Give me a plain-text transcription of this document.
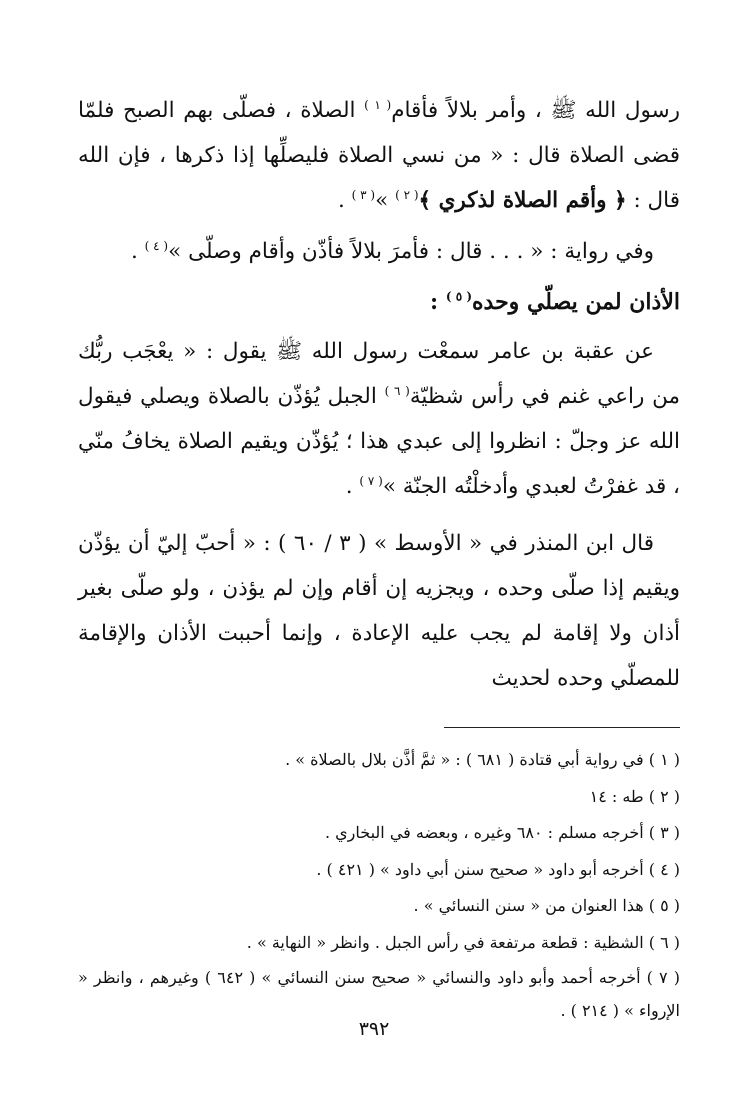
رسول الله ﷺ ، وأمر بلالاً فأقام$^{( ١ )}$ الصلاة ، فصلّى بهم الصبح فلمّا قضى الصلاة قال : « من نسي الصلاة فليصلِّها إذا ذكرها ، فإن الله قال : ﴿ وأقم الصلاة لذكري ﴾$^{( ٢ )}$ »$^{( ٣ )}$ .

وفي رواية : « . . . قال : فأمرَ بلالاً فأذّن وأقام وصلّى »$^{( ٤ )}$ .

الأذان لمن يصلّي وحده$^{( ٥ )}$ :

عن عقبة بن عامر سمعْت رسول الله ﷺ يقول : « يعْجَب ربُّك من راعي غنم في رأس شظيّة$^{( ٦ )}$ الجبل يُؤذّن بالصلاة ويصلي فيقول الله عز وجلّ : انظروا إلى عبدي هذا ؛ يُؤذّن ويقيم الصلاة يخافُ منّي ، قد غفرْتُ لعبدي وأدخلْتُه الجنّة »$^{( ٧ )}$ .

قال ابن المنذر في « الأوسط » ( ٣ / ٦٠ ) : « أحبّ إليّ أن يؤذّن ويقيم إذا صلّى وحده ، ويجزيه إن أقام وإن لم يؤذن ، ولو صلّى بغير أذان ولا إقامة لم يجب عليه الإعادة ، وإنما أحببت الأذان والإقامة للمصلّي وحده لحديث

( ١ ) في رواية أبي قتادة ( ٦٨١ ) : « ثمَّ أذَّن بلال بالصلاة » .

( ٢ ) طه : ١٤

( ٣ ) أخرجه مسلم : ٦٨٠ وغيره ، وبعضه في البخاري .

( ٤ ) أخرجه أبو داود « صحيح سنن أبي داود » ( ٤٢١ ) .

( ٥ ) هذا العنوان من « سنن النسائي » .

( ٦ ) الشظية : قطعة مرتفعة في رأس الجبل . وانظر « النهاية » .

( ٧ ) أخرجه أحمد وأبو داود والنسائي « صحيح سنن النسائي » ( ٦٤٢ ) وغيرهم ، وانظر « الإرواء » ( ٢١٤ ) .

٣٩٢
